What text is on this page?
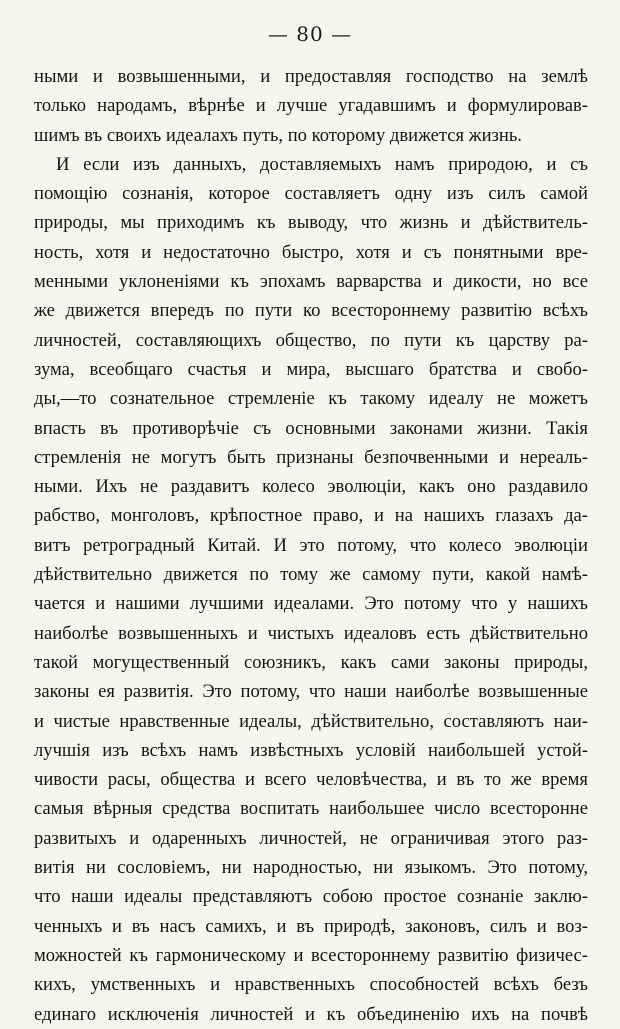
— 80 —
ными и возвышенными, и предоставляя господство на землѣ
только народамъ, вѣрнѣе и лучше угадавшимъ и формулировав-
шимъ въ своихъ идеалахъ путь, по которому движется жизнь.
И если изъ данныхъ, доставляемыхъ намъ природою, и съ
помощію сознанія, которое составляетъ одну изъ силъ самой
природы, мы приходимъ къ выводу, что жизнь и дѣйствитель-
ность, хотя и недостаточно быстро, хотя и съ понятными вре-
менными уклоненіями къ эпохамъ варварства и дикости, но все
же движется впередъ по пути ко всестороннему развитію всѣхъ
личностей, составляющихъ общество, по пути къ царству ра-
зума, всеобщаго счастья и мира, высшаго братства и свобо-
ды,—то сознательное стремленіе къ такому идеалу не можетъ
впасть въ противорѣчіе съ основными законами жизни. Такія
стремленія не могутъ быть признаны безпочвенными и нереаль-
ными. Ихъ не раздавитъ колесо эволюціи, какъ оно раздавило
рабство, монголовъ, крѣпостное право, и на нашихъ глазахъ да-
витъ ретроградный Китай. И это потому, что колесо эволюціи
дѣйствительно движется по тому же самому пути, какой намѣ-
чается и нашими лучшими идеалами. Это потому что у нашихъ
наиболѣе возвышенныхъ и чистыхъ идеаловъ есть дѣйствительно
такой могущественный союзникъ, какъ сами законы природы,
законы ея развитія. Это потому, что наши наиболѣе возвышенные
и чистые нравственные идеалы, дѣйствительно, составляютъ наи-
лучшія изъ всѣхъ намъ извѣстныхъ условій наибольшей устой-
чивости расы, общества и всего человѣчества, и въ то же время
самыя вѣрныя средства воспитать наибольшее число всесторонне
развитыхъ и одаренныхъ личностей, не ограничивая этого раз-
витія ни сословіемъ, ни народностью, ни языкомъ. Это потому,
что наши идеалы представляютъ собою простое сознаніе заклю-
ченныхъ и въ насъ самихъ, и въ природѣ, законовъ, силъ и воз-
можностей къ гармоническому и всестороннему развитію физичес-
кихъ, умственныхъ и нравственныхъ способностей всѣхъ безъ
единаго исключенія личностей и къ объединенію ихъ на почвѣ
